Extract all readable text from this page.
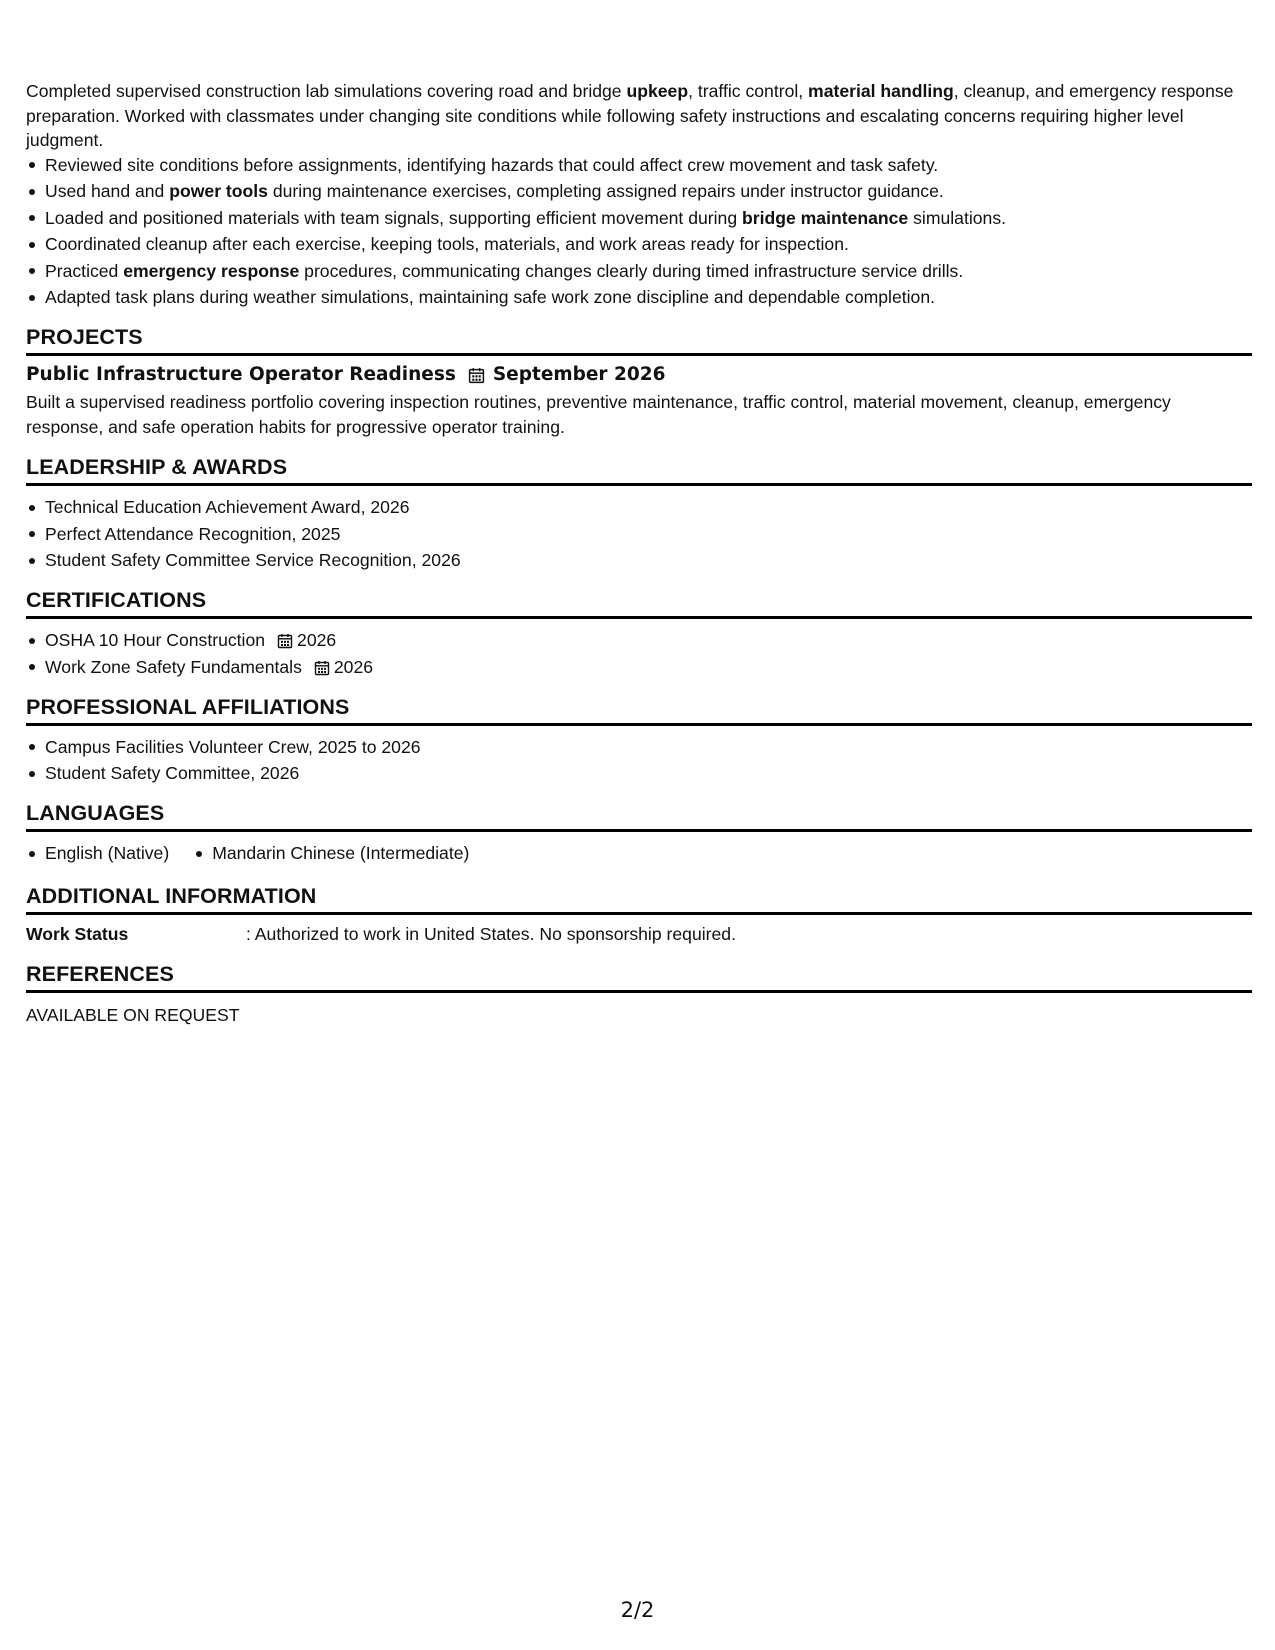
Completed supervised construction lab simulations covering road and bridge upkeep, traffic control, material handling, cleanup, and emergency response preparation. Worked with classmates under changing site conditions while following safety instructions and escalating concerns requiring higher level judgment.

Reviewed site conditions before assignments, identifying hazards that could affect crew movement and task safety.
Used hand and power tools during maintenance exercises, completing assigned repairs under instructor guidance.
Loaded and positioned materials with team signals, supporting efficient movement during bridge maintenance simulations.
Coordinated cleanup after each exercise, keeping tools, materials, and work areas ready for inspection.
Practiced emergency response procedures, communicating changes clearly during timed infrastructure service drills.
Adapted task plans during weather simulations, maintaining safe work zone discipline and dependable completion.
PROJECTS
Public Infrastructure Operator Readiness September 2026

Built a supervised readiness portfolio covering inspection routines, preventive maintenance, traffic control, material movement, cleanup, emergency response, and safe operation habits for progressive operator training.

LEADERSHIP & AWARDS
Technical Education Achievement Award, 2026
Perfect Attendance Recognition, 2025
Student Safety Committee Service Recognition, 2026
CERTIFICATIONS
OSHA 10 Hour Construction 2026
Work Zone Safety Fundamentals 2026
PROFESSIONAL AFFILIATIONS
Campus Facilities Volunteer Crew, 2025 to 2026
Student Safety Committee, 2026
LANGUAGES
English (Native)	Mandarin Chinese (Intermediate)
ADDITIONAL INFORMATION
Work Status	: Authorized to work in United States. No sponsorship required.
REFERENCES
AVAILABLE ON REQUEST
2/2
